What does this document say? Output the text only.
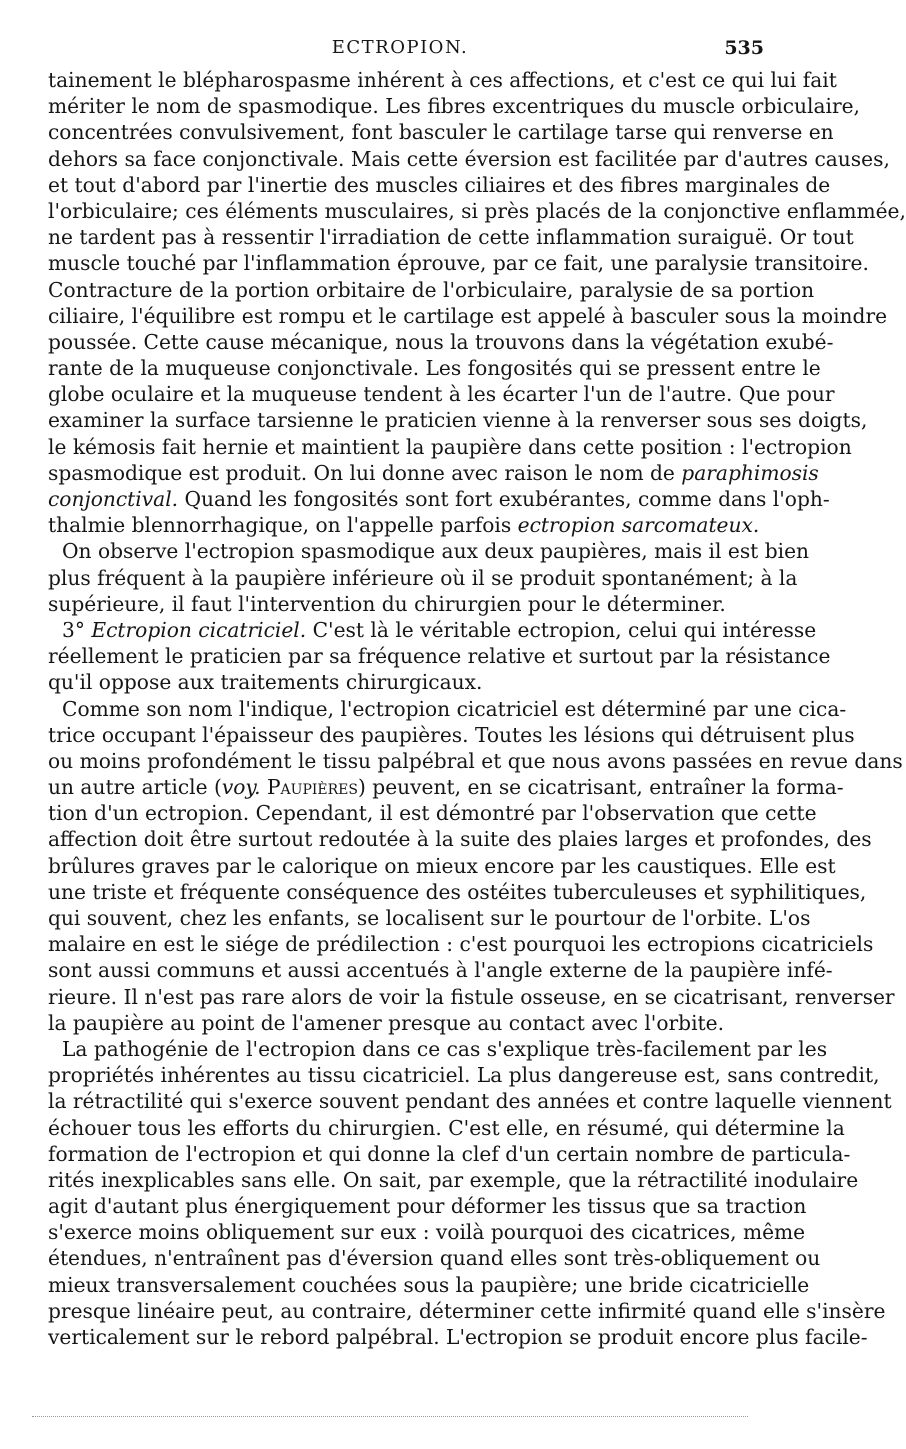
ECTROPION.	535
tainement le blépharospasme inhérent à ces affections, et c'est ce qui lui fait
mériter le nom de spasmodique. Les fibres excentriques du muscle orbiculaire,
concentrées convulsivement, font basculer le cartilage tarse qui renverse en
dehors sa face conjonctivale. Mais cette éversion est facilitée par d'autres causes,
et tout d'abord par l'inertie des muscles ciliaires et des fibres marginales de
l'orbiculaire; ces éléments musculaires, si près placés de la conjonctive enflammée,
ne tardent pas à ressentir l'irradiation de cette inflammation suraiguë. Or tout
muscle touché par l'inflammation éprouve, par ce fait, une paralysie transitoire.
Contracture de la portion orbitaire de l'orbiculaire, paralysie de sa portion
ciliaire, l'équilibre est rompu et le cartilage est appelé à basculer sous la moindre
poussée. Cette cause mécanique, nous la trouvons dans la végétation exubé-
rante de la muqueuse conjonctivale. Les fongosités qui se pressent entre le
globe oculaire et la muqueuse tendent à les écarter l'un de l'autre. Que pour
examiner la surface tarsienne le praticien vienne à la renverser sous ses doigts,
le kémosis fait hernie et maintient la paupière dans cette position : l'ectropion
spasmodique est produit. On lui donne avec raison le nom de paraphimosis
conjonctival. Quand les fongosités sont fort exubérantes, comme dans l'oph-
thalmie blennorrhagique, on l'appelle parfois ectropion sarcomateux.
On observe l'ectropion spasmodique aux deux paupières, mais il est bien
plus fréquent à la paupière inférieure où il se produit spontanément; à la
supérieure, il faut l'intervention du chirurgien pour le déterminer.
3° Ectropion cicatriciel. C'est là le véritable ectropion, celui qui intéresse
réellement le praticien par sa fréquence relative et surtout par la résistance
qu'il oppose aux traitements chirurgicaux.
Comme son nom l'indique, l'ectropion cicatriciel est déterminé par une cica-
trice occupant l'épaisseur des paupières. Toutes les lésions qui détruisent plus
ou moins profondément le tissu palpébral et que nous avons passées en revue dans
un autre article (voy. Paupières) peuvent, en se cicatrisant, entraîner la forma-
tion d'un ectropion. Cependant, il est démontré par l'observation que cette
affection doit être surtout redoutée à la suite des plaies larges et profondes, des
brûlures graves par le calorique on mieux encore par les caustiques. Elle est
une triste et fréquente conséquence des ostéites tuberculeuses et syphilitiques,
qui souvent, chez les enfants, se localisent sur le pourtour de l'orbite. L'os
malaire en est le siége de prédilection : c'est pourquoi les ectropions cicatriciels
sont aussi communs et aussi accentués à l'angle externe de la paupière infé-
rieure. Il n'est pas rare alors de voir la fistule osseuse, en se cicatrisant, renverser
la paupière au point de l'amener presque au contact avec l'orbite.
La pathogénie de l'ectropion dans ce cas s'explique très-facilement par les
propriétés inhérentes au tissu cicatriciel. La plus dangereuse est, sans contredit,
la rétractilité qui s'exerce souvent pendant des années et contre laquelle viennent
échouer tous les efforts du chirurgien. C'est elle, en résumé, qui détermine la
formation de l'ectropion et qui donne la clef d'un certain nombre de particula-
rités inexplicables sans elle. On sait, par exemple, que la rétractilité inodulaire
agit d'autant plus énergiquement pour déformer les tissus que sa traction
s'exerce moins obliquement sur eux : voilà pourquoi des cicatrices, même
étendues, n'entraînent pas d'éversion quand elles sont très-obliquement ou
mieux transversalement couchées sous la paupière; une bride cicatricielle
presque linéaire peut, au contraire, déterminer cette infirmité quand elle s'insère
verticalement sur le rebord palpébral. L'ectropion se produit encore plus facile-
